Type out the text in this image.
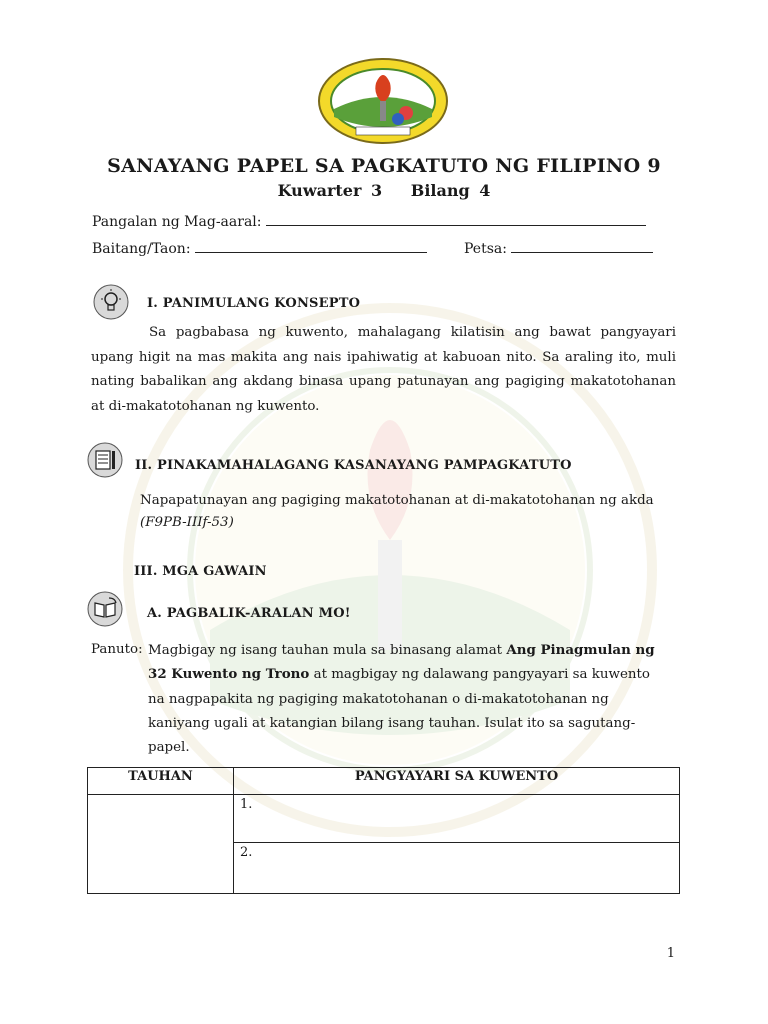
SANAYANG PAPEL SA PAGKATUTO NG FILIPINO 9
Kuwarter 3   Bilang 4
Pangalan ng Mag-aaral:
Baitang/Taon:	Petsa:
I. PANIMULANG KONSEPTO
Sa pagbabasa ng kuwento, mahalagang kilatisin ang bawat pangyayari upang higit na mas makita ang nais ipahiwatig at kabuoan nito. Sa araling ito, muli nating babalikan ang akdang binasa upang patunayan ang pagiging makatotohanan at di-makatotohanan ng kuwento.
II. PINAKAMAHALAGANG KASANAYANG PAMPAGKATUTO
Napapatunayan ang pagiging makatotohanan at di-makatotohanan ng akda
(F9PB-IIIf-53)
III. MGA GAWAIN
A. PAGBALIK-ARALAN MO!
Panuto: Magbigay ng isang tauhan mula sa binasang alamat Ang Pinagmulan ng
32 Kuwento ng Trono at magbigay ng dalawang pangyayari sa kuwento na nagpapakita ng pagiging makatotohanan o di-makatotohanan ng kaniyang ugali at katangian bilang isang tauhan. Isulat ito sa sagutang-papel.
TAUHAN	PANGYAYARI SA KUWENTO
	1.
	2.
1
